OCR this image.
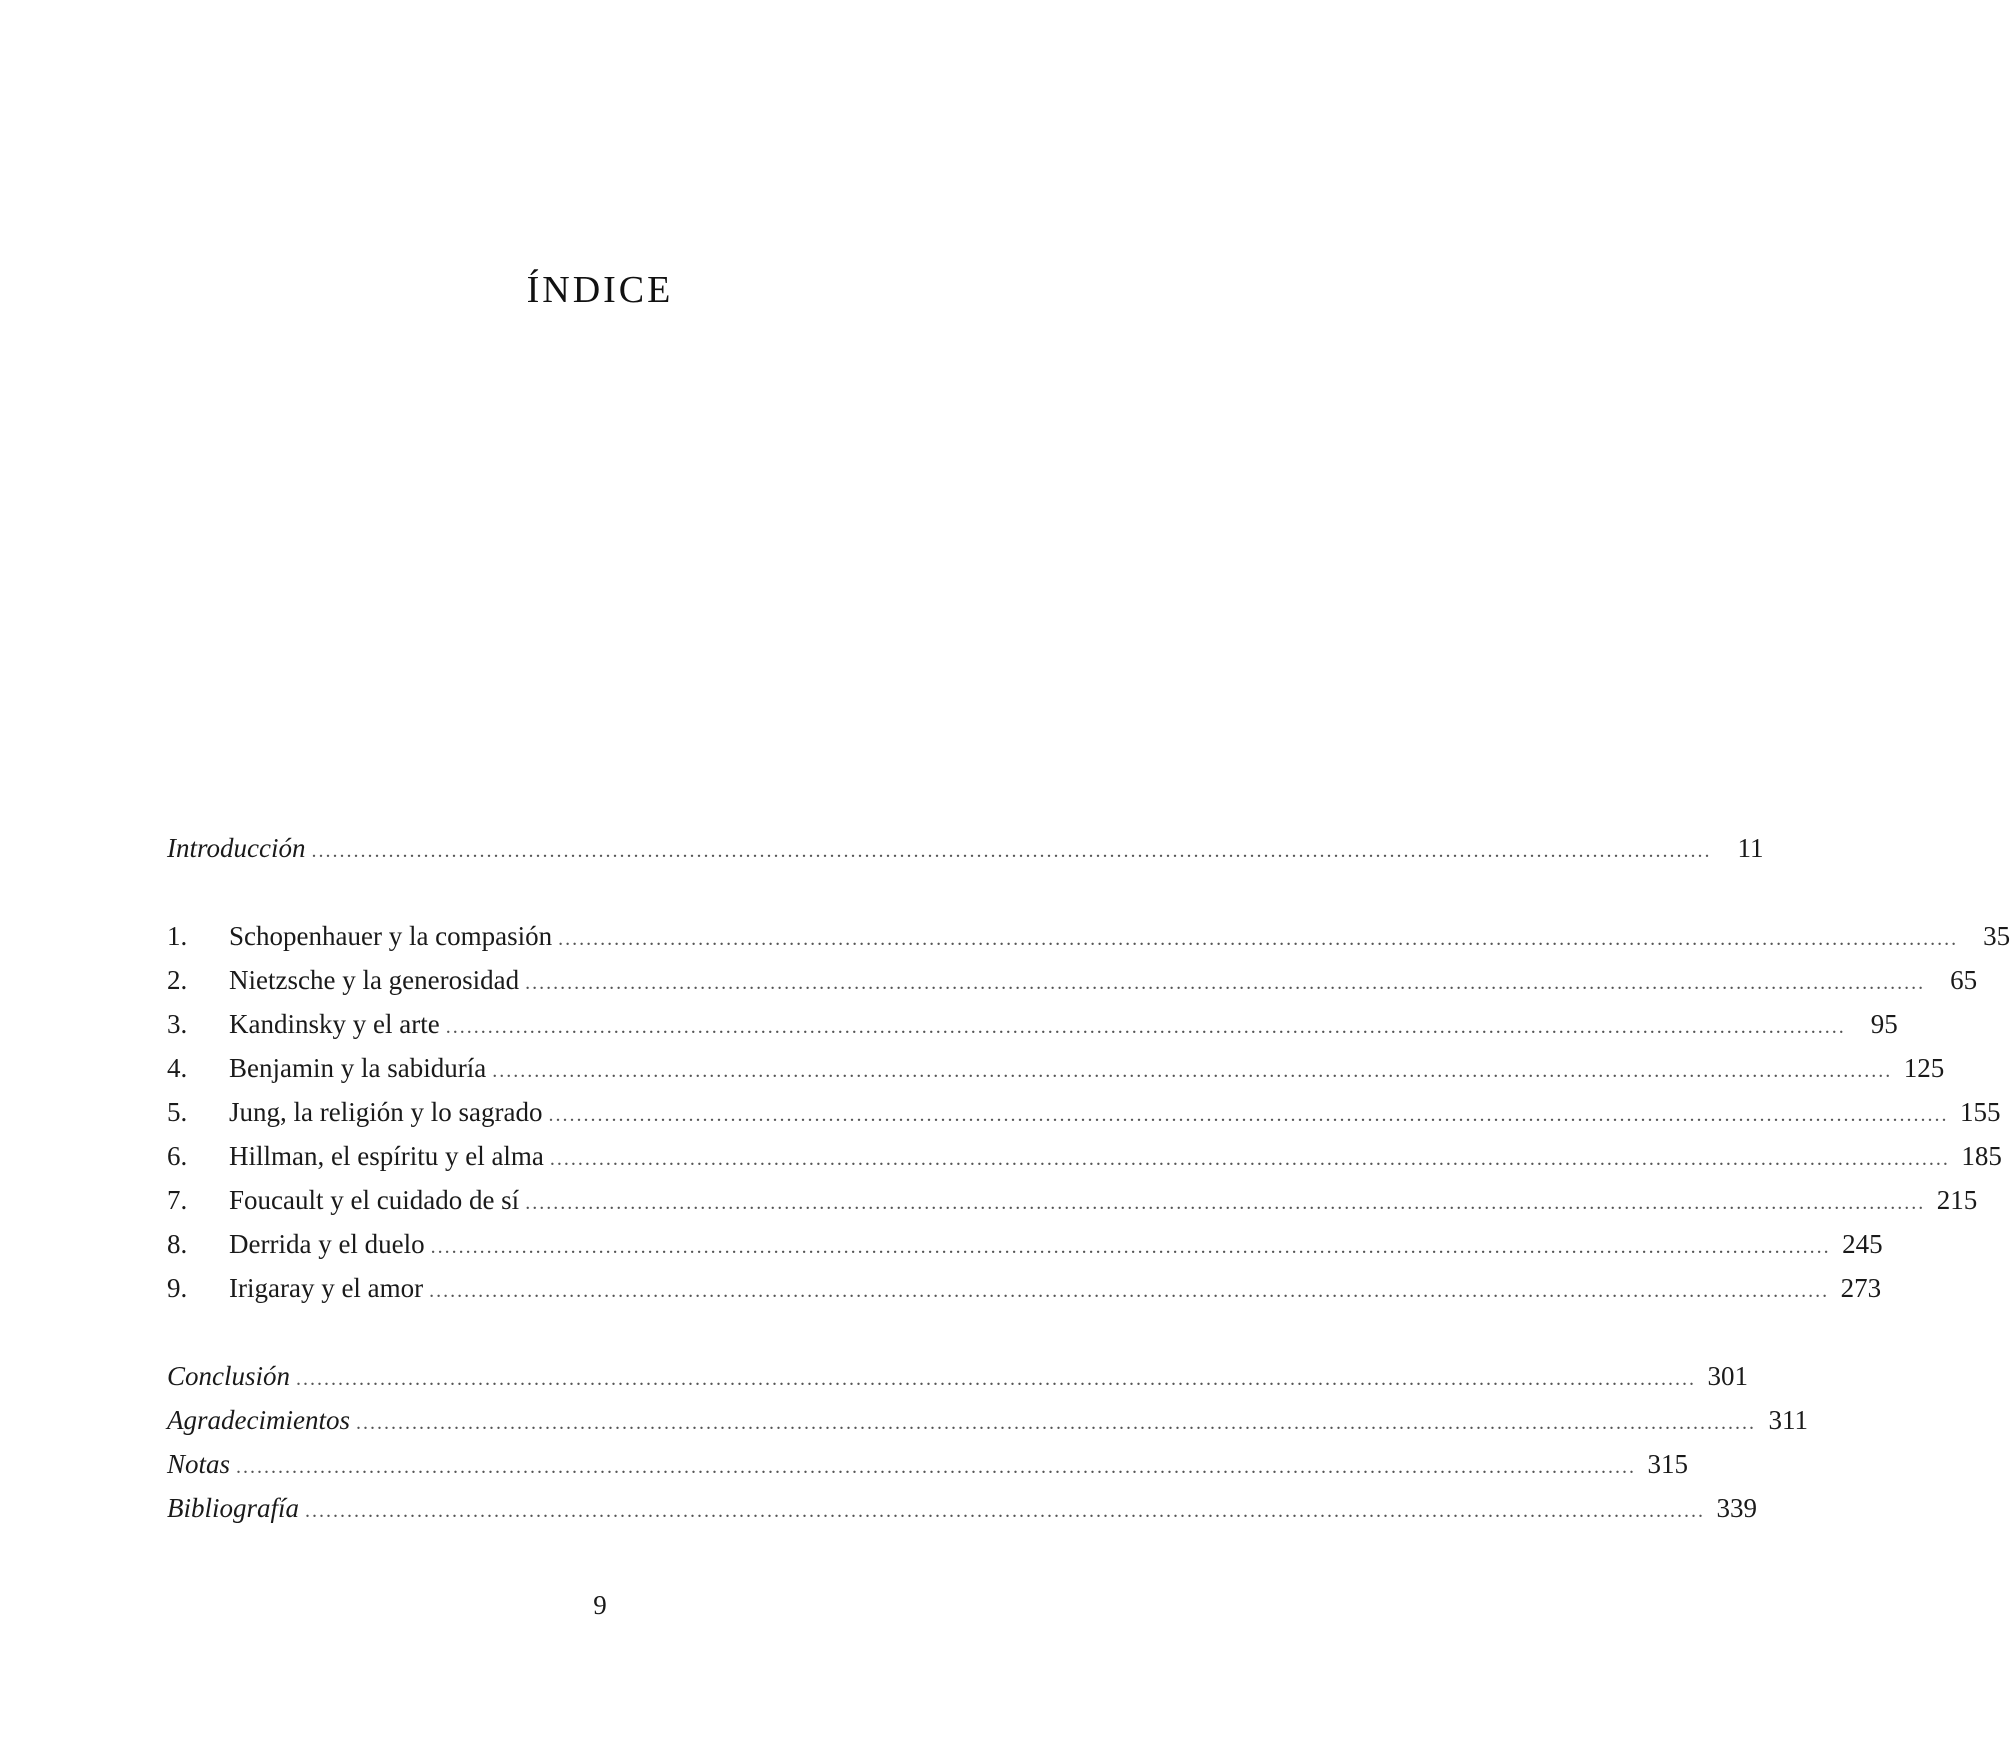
ÍNDICE
Introducción ........................................................................................................................................................................................................ 11
1.	Schopenhauer y la compasión ........................................................................................................................................................................................................ 35
2.	Nietzsche y la generosidad ........................................................................................................................................................................................................ 65
3.	Kandinsky y el arte ........................................................................................................................................................................................................ 95
4.	Benjamin y la sabiduría ........................................................................................................................................................................................................ 125
5.	Jung, la religión y lo sagrado ........................................................................................................................................................................................................ 155
6.	Hillman, el espíritu y el alma ........................................................................................................................................................................................................ 185
7.	Foucault y el cuidado de sí ........................................................................................................................................................................................................ 215
8.	Derrida y el duelo ........................................................................................................................................................................................................ 245
9.	Irigaray y el amor ........................................................................................................................................................................................................ 273
Conclusión ........................................................................................................................................................................................................ 301
Agradecimientos ........................................................................................................................................................................................................ 311
Notas ........................................................................................................................................................................................................ 315
Bibliografía ........................................................................................................................................................................................................ 339
9
